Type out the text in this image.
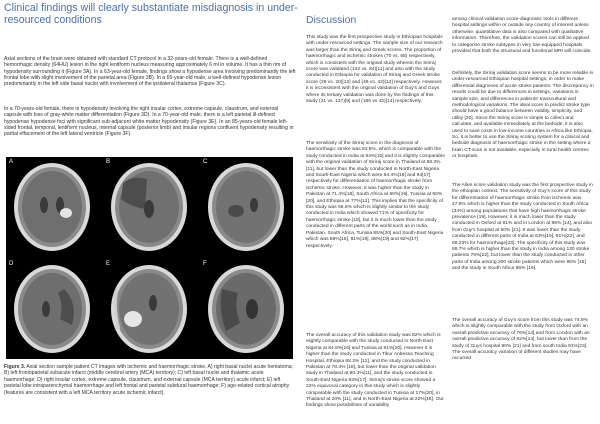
Clinical findings will clearly substantiate misdiagnosis in under-resourced conditions
Axial sections of the brain were obtained with standard CT protocol in a 32-years-old female. There is a well-defined hemorrhagic density (64HU) lesion in the right lentiform nucleus measuring approximately 6 ml in volume. It has a thin rim of hypodensity surrounding it (Figure 3A). In a 63-year-old female, findings show a hypodense area involving predominantly the left frontal lobe with slight involvement of the parietal area (Figure 3B). In a 65-year-old male, a well-defined hypodense lesion predominantly in the left side basal nuclei with involvement of the ipsilateral thalamus (Figure 3C).
In a 70-years-old female, there is hypodensity involving the right insular cortex, extreme capsule, claustrum, and external capsule with loss of gray-white matter differentiation (Figure 3D). In a 70-year-old male, there is a left parietal ill-defined hypodense hypodense foci with significant sub-adjacent white matter hypodensity (Figure 3E). In an 85-years-old female left-sided frontal, temporal, lentiform nucleus, internal capsule (posterior limb) and insular regions confluent hypodensity resulting in partial effacement of the left lateral ventricle (Figure 3F).
A	B	C
D	E	F
Figure 3. Axial section sample patient CT images with ischemic and haemorrhagic stroke. A) right basal nuclei acute hematoma; B) left frontoparietal subacute infarct (middle cerebral artery (MCA) territory); C) left basal nuclei and thalamic acute haemorrhage; D) right insular cortex, extreme capsule, claustrum, and external capsule (MCA territory) acute infarct; E) left parietal lobe intraparenchymal haemorrhage and left frontal and parietal subdural haemorrhage; F) age-related cortical atrophy (features are consistent with a left MCA territory acute ischemic infarct).
Discussion
This study was the first prospective study in Ethiopian hospitals with under-resourced settings. The sample size of our research was larger than the Siriraj and Greek scores. The proportion of haemorrhagic and ischemic strokes (70 vs. 68) respectively, which is consistent with the original study wherein the Siriraj score was validated (142 vs. 84)[11] and also with the study conducted in Ethiopia for validation of Siriraj and Greek stroke score (29 vs. 20)[12] and (49 vs. 42)[13] respectively. However, it is inconsistent with the original validation of Guy's and Guys where its tertiary validation was done by the findings of this study (31 vs. 137)[9] and (186 vs 42)[14] respectively.
The sensitivity of the Siriraj score in the diagnosis of haemorrhagic stroke was 83.8%, which is comparable with the study conducted in India at 84%[15] and it is slightly comparable with the original validation of Siriraj score in Thailand at 89.3%[11], but lower than the study conducted in North-East Nigeria and South-East Nigeria which were 94.4%[16] and 94[17] respectively for differentiation of haemorrhagic stroke from ischemic stroke. However, it was higher than the study in Pakistan at 71.4%[18], South Africa at 60%[19], Tunisia at 60%[20], and Ethiopia at 77%[12]. This implies that the specificity of this study was 66.6% which is slightly similar to the study conducted in India which showed 71% of specificity for haemorrhagic stroke [18], but it is much lower than the study conducted in different parts of the world such as in India, Pakistan, South Africa, Tunisia 85%[20] and South-East Nigeria which was 89%[15], 81%[18], 88%[19] and 92%[17] respectively.
The overall accuracy of this validation study was 82% which is slightly comparable with the study conducted in North-East Nigeria at 84.6%[16] and Tunisia at 81%[20]. However it is higher than the study conducted in Tikur Anbessa Teaching Hospital, Ethiopia 68.2% [12], and the study conducted in Pakistan at 78.3% [18], but lower than the original validation study in Thailand at 90.3%[11], and the study conducted in South-East Nigeria 93%[17]. Siriraj's stroke score showed a 22% equivocal category in this study which is slightly comparable with the study conducted in Tunisia at 17%[20], in Thailand at 20% [11], and in North-East Nigeria at 22%[16]. Our findings show possibilities of variability
among clinical validation score-diagnostic tools in different hospital settings within or outside any country of interest unless otherwise, quantitative data is also compared with qualitative information. Therefore, the validation scores can still be applied to categorize stroke subtypes in very low-equipped hospitals provided that both the structural and functional MRI will coincide.
Definitely, the Siriraj validation score seems to be more reliable in under-resourced Ethiopian hospital settings, in order to make differential diagnoses of acute stroke patients. The discrepancy in results could be due to differences in settings, variations in sample size, and differences in patients' transcultural and methodological variations. The ideal score to predict stroke type should have a good balance between validity, simplicity, and utility [20]. Since the Siriraj score is simple to collect and calculate, and available immediately at the bedside, it is also used to save costs in low-income countries in Africa like Ethiopia. So, it is better to use the Siriraj scoring system for a clinical and bedside diagnosis of haemorrhagic stroke in the setting where a brain CT scan is not available, especially in rural health centres or hospitals.
The Allen score validation study was the first prospective study in the ethiopian context. The sensitivity of Guy's score of this study for differentiation of haemorrhagic stroke from ischemic was 47.8% which is higher than the study conducted in South Africa (34%) among populations that have high haemorrhagic stroke prevalence [19]. However, it is much lower than the study conducted in Oxford at 81% and in London at 88% [14], and also from Guy's hospital at 50% [21]. It was lower than the study conducted in different parts of India at 63%[15], 81%[22], and 68.23% for haemorrhage[23]. The specificity of this study was 89.7% which is higher than the study in India among 130 stroke patients 76%[22], but lower than the study conducted in other parts of India among 200 stroke patients which were 95% [15] and the study in South Africa 95% [19].
The overall accuracy of Guy's score from this study was 74.5% which is slightly comparable with the study from Oxford with an overall predictive accuracy of 76%[14] and from London with an overall predictive accuracy of 82%[14], but lower than from the study of Guys hospital 90% [21] and from south India 91%[23]. The overall accuracy variation of different studies may have occurred
